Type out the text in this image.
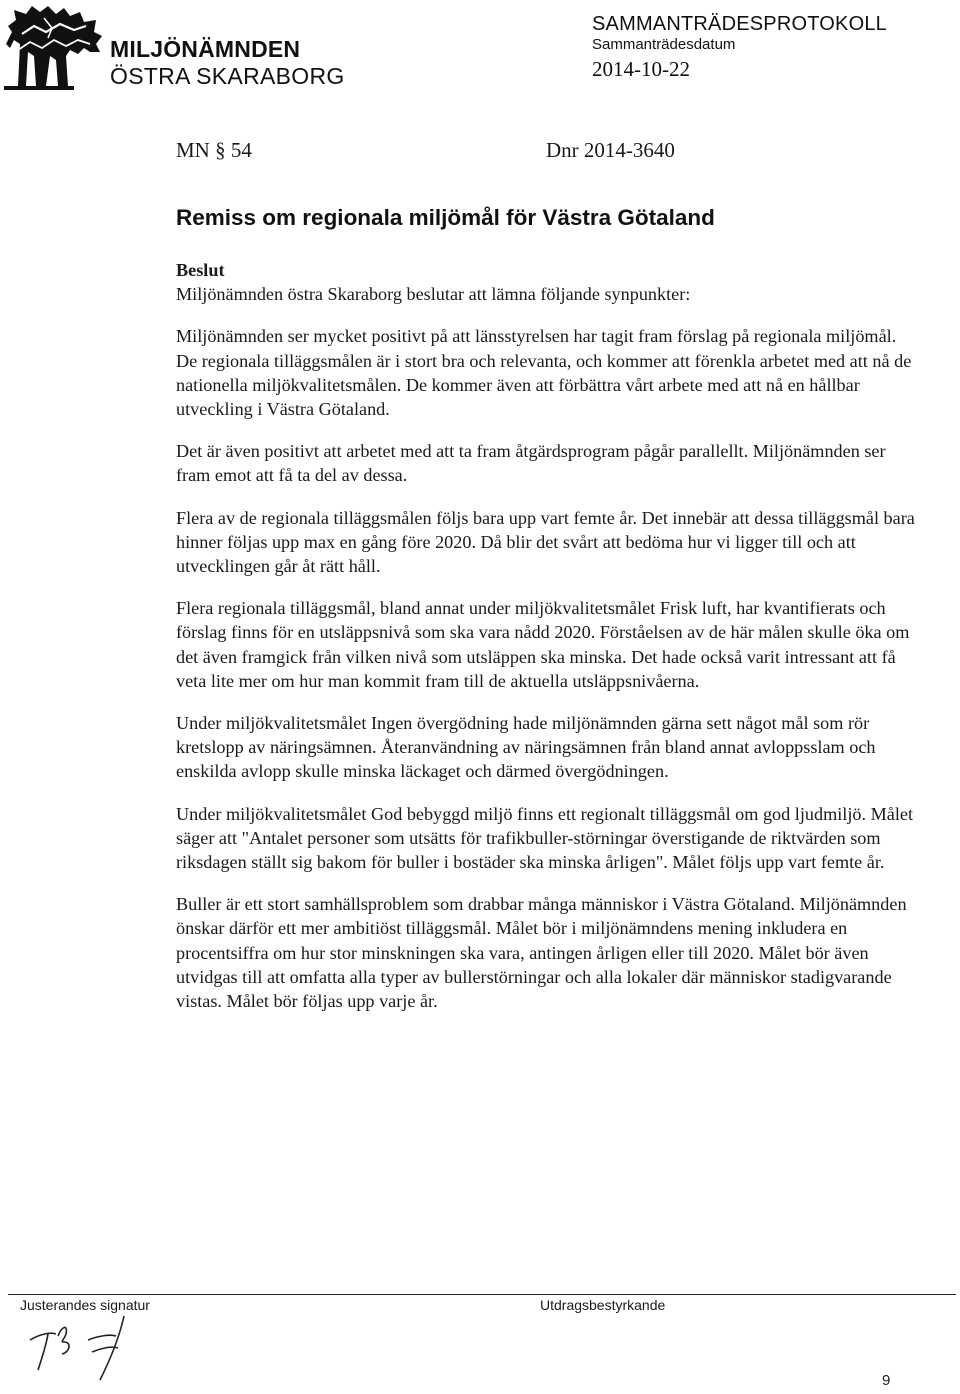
MILJÖNÄMNDEN
ÖSTRA SKARABORG
SAMMANTRÄDESPROTOKOLL
Sammanträdesdatum
2014-10-22
MN § 54	Dnr 2014-3640
Remiss om regionala miljömål för Västra Götaland

Beslut

Miljönämnden östra Skaraborg beslutar att lämna följande synpunkter:

Miljönämnden ser mycket positivt på att länsstyrelsen har tagit fram förslag på regionala miljömål. De regionala tilläggsmålen är i stort bra och relevanta, och kommer att förenkla arbetet med att nå de nationella miljökvalitetsmålen. De kommer även att förbättra vårt arbete med att nå en hållbar utveckling i Västra Götaland.

Det är även positivt att arbetet med att ta fram åtgärdsprogram pågår parallellt. Miljönämnden ser fram emot att få ta del av dessa.

Flera av de regionala tilläggsmålen följs bara upp vart femte år. Det innebär att dessa tilläggsmål bara hinner följas upp max en gång före 2020. Då blir det svårt att bedöma hur vi ligger till och att utvecklingen går åt rätt håll.

Flera regionala tilläggsmål, bland annat under miljökvalitetsmålet Frisk luft, har kvantifierats och förslag finns för en utsläppsnivå som ska vara nådd 2020. Förståelsen av de här målen skulle öka om det även framgick från vilken nivå som utsläppen ska minska. Det hade också varit intressant att få veta lite mer om hur man kommit fram till de aktuella utsläppsnivåerna.

Under miljökvalitetsmålet Ingen övergödning hade miljönämnden gärna sett något mål som rör kretslopp av näringsämnen. Återanvändning av näringsämnen från bland annat avloppsslam och enskilda avlopp skulle minska läckaget och därmed övergödningen.

Under miljökvalitetsmålet God bebyggd miljö finns ett regionalt tilläggsmål om god ljudmiljö. Målet säger att "Antalet personer som utsätts för trafikbuller-störningar överstigande de riktvärden som riksdagen ställt sig bakom för buller i bostäder ska minska årligen". Målet följs upp vart femte år.

Buller är ett stort samhällsproblem som drabbar många människor i Västra Götaland. Miljönämnden önskar därför ett mer ambitiöst tilläggsmål. Målet bör i miljönämndens mening inkludera en procentsiffra om hur stor minskningen ska vara, antingen årligen eller till 2020. Målet bör även utvidgas till att omfatta alla typer av bullerstörningar och alla lokaler där människor stadigvarande vistas. Målet bör följas upp varje år.

Justerandes signatur	Utdragsbestyrkande
9
